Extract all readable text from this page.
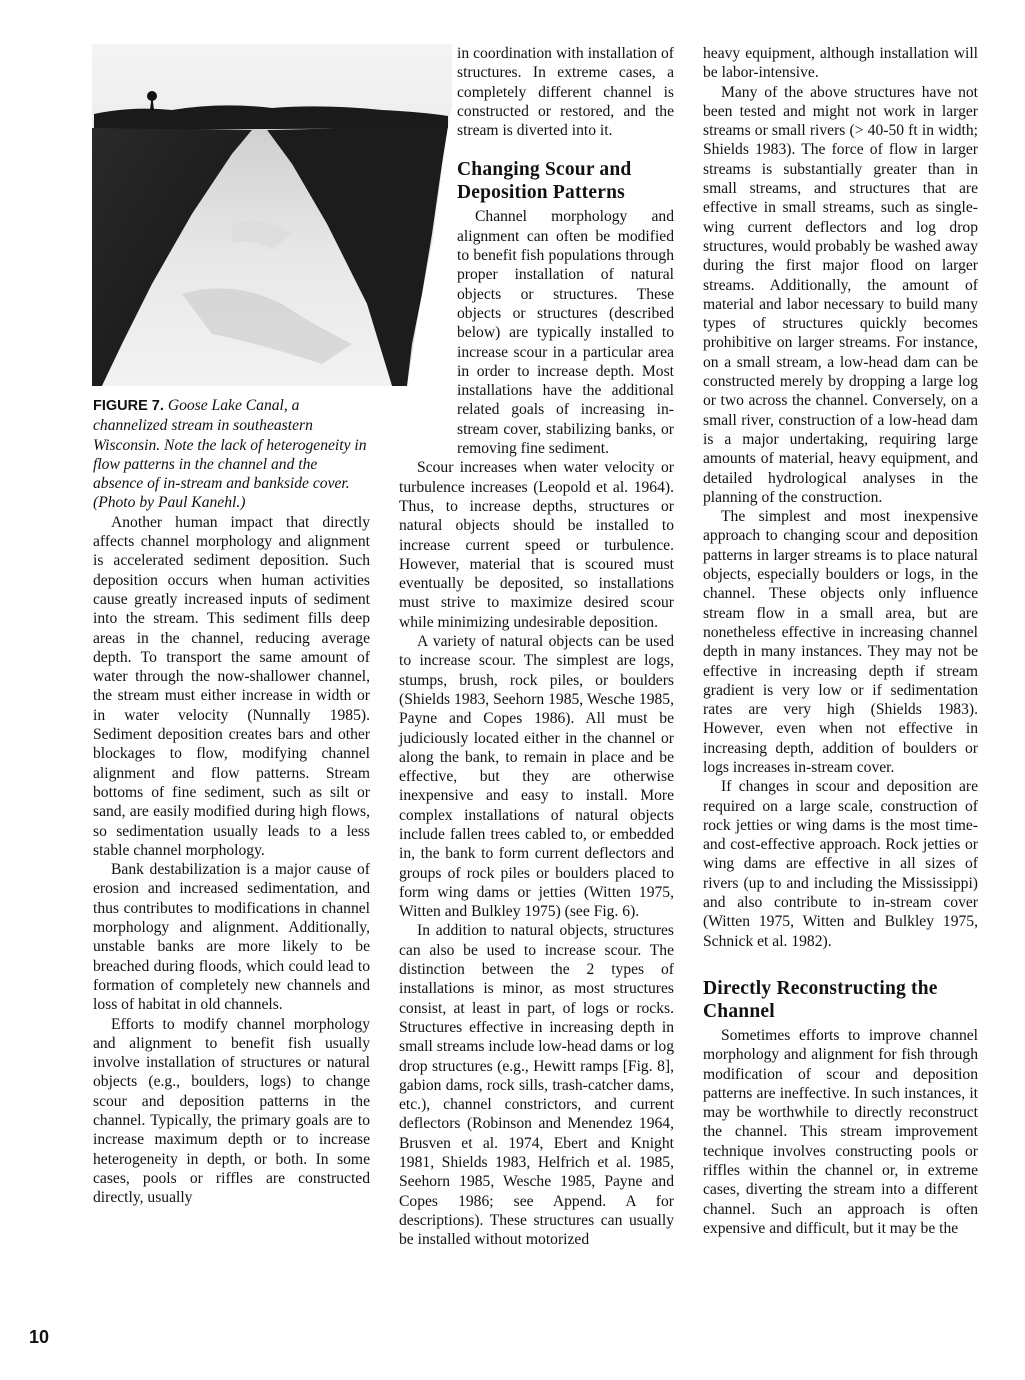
FIGURE 7. Goose Lake Canal, a channelized stream in southeastern Wisconsin. Note the lack of heterogeneity in flow patterns in the channel and the absence of in-stream and bankside cover. (Photo by Paul Kanehl.)

Another human impact that directly affects channel morphology and alignment is accelerated sediment deposition. Such deposition occurs when human activities cause greatly increased inputs of sediment into the stream. This sediment fills deep areas in the channel, reducing average depth. To transport the same amount of water through the now-shallower channel, the stream must either increase in width or in water velocity (Nunnally 1985). Sediment deposition creates bars and other blockages to flow, modifying channel alignment and flow patterns. Stream bottoms of fine sediment, such as silt or sand, are easily modified during high flows, so sedimentation usually leads to a less stable channel morphology.

Bank destabilization is a major cause of erosion and increased sedimentation, and thus contributes to modifications in channel morphology and alignment. Additionally, unstable banks are more likely to be breached during floods, which could lead to formation of completely new channels and loss of habitat in old channels.

Efforts to modify channel morphology and alignment to benefit fish usually involve installation of structures or natural objects (e.g., boulders, logs) to change scour and deposition patterns in the channel. Typically, the primary goals are to increase maximum depth or to increase heterogeneity in depth, or both. In some cases, pools or riffles are constructed directly, usually

in coordination with installation of structures. In extreme cases, a completely different channel is constructed or restored, and the stream is diverted into it.

Changing Scour and Deposition Patterns

Channel morphology and alignment can often be modified to benefit fish populations through proper installation of natural objects or structures. These objects or structures (described below) are typically installed to increase scour in a particular area in order to increase depth. Most installations have the additional related goals of increasing in-stream cover, stabilizing banks, or removing fine sediment.

Scour increases when water velocity or turbulence increases (Leopold et al. 1964). Thus, to increase depths, structures or natural objects should be installed to increase current speed or turbulence. However, material that is scoured must eventually be deposited, so installations must strive to maximize desired scour while minimizing undesirable deposition.

A variety of natural objects can be used to increase scour. The simplest are logs, stumps, brush, rock piles, or boulders (Shields 1983, Seehorn 1985, Wesche 1985, Payne and Copes 1986). All must be judiciously located either in the channel or along the bank, to remain in place and be effective, but they are otherwise inexpensive and easy to install. More complex installations of natural objects include fallen trees cabled to, or embedded in, the bank to form current deflectors and groups of rock piles or boulders placed to form wing dams or jetties (Witten 1975, Witten and Bulkley 1975) (see Fig. 6).

In addition to natural objects, structures can also be used to increase scour. The distinction between the 2 types of installations is minor, as most structures consist, at least in part, of logs or rocks. Structures effective in increasing depth in small streams include low-head dams or log drop structures (e.g., Hewitt ramps [Fig. 8], gabion dams, rock sills, trash-catcher dams, etc.), channel constrictors, and current deflectors (Robinson and Menendez 1964, Brusven et al. 1974, Ebert and Knight 1981, Shields 1983, Helfrich et al. 1985, Seehorn 1985, Wesche 1985, Payne and Copes 1986; see Append. A for descriptions). These structures can usually be installed without motorized

heavy equipment, although installation will be labor-intensive.

Many of the above structures have not been tested and might not work in larger streams or small rivers (> 40-50 ft in width; Shields 1983). The force of flow in larger streams is substantially greater than in small streams, and structures that are effective in small streams, such as single-wing current deflectors and log drop structures, would probably be washed away during the first major flood on larger streams. Additionally, the amount of material and labor necessary to build many types of structures quickly becomes prohibitive on larger streams. For instance, on a small stream, a low-head dam can be constructed merely by dropping a large log or two across the channel. Conversely, on a small river, construction of a low-head dam is a major undertaking, requiring large amounts of material, heavy equipment, and detailed hydrological analyses in the planning of the construction.

The simplest and most inexpensive approach to changing scour and deposition patterns in larger streams is to place natural objects, especially boulders or logs, in the channel. These objects only influence stream flow in a small area, but are nonetheless effective in increasing channel depth in many instances. They may not be effective in increasing depth if stream gradient is very low or if sedimentation rates are very high (Shields 1983). However, even when not effective in increasing depth, addition of boulders or logs increases in-stream cover.

If changes in scour and deposition are required on a large scale, construction of rock jetties or wing dams is the most time- and cost-effective approach. Rock jetties or wing dams are effective in all sizes of rivers (up to and including the Mississippi) and also contribute to in-stream cover (Witten 1975, Witten and Bulkley 1975, Schnick et al. 1982).

Directly Reconstructing the Channel

Sometimes efforts to improve channel morphology and alignment for fish through modification of scour and deposition patterns are ineffective. In such instances, it may be worthwhile to directly reconstruct the channel. This stream improvement technique involves constructing pools or riffles within the channel or, in extreme cases, diverting the stream into a different channel. Such an approach is often expensive and difficult, but it may be the

10
